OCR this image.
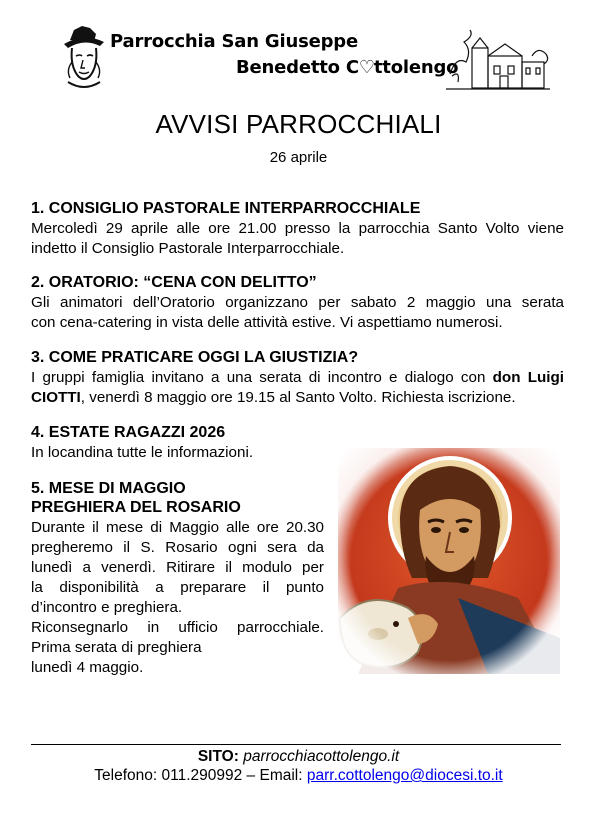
Parrocchia San Giuseppe
Benedetto C♡ttolengo
AVVISI PARROCCHIALI
26 aprile
1. CONSIGLIO PASTORALE INTERPARROCCHIALE
Mercoledì 29 aprile alle ore 21.00 presso la parrocchia Santo Volto viene
indetto il Consiglio Pastorale Interparrocchiale.
2. ORATORIO: “CENA CON DELITTO”
Gli animatori dell’Oratorio organizzano per sabato 2 maggio una serata
con cena-catering in vista delle attività estive. Vi aspettiamo numerosi.
3. COME PRATICARE OGGI LA GIUSTIZIA?
I gruppi famiglia invitano a una serata di incontro e dialogo con don Luigi
CIOTTI, venerdì 8 maggio ore 19.15 al Santo Volto. Richiesta iscrizione.
4. ESTATE RAGAZZI 2026
In locandina tutte le informazioni.
5. MESE DI MAGGIO
PREGHIERA DEL ROSARIO
Durante il mese di Maggio alle ore 20.30
pregheremo il S. Rosario ogni sera da
lunedì a venerdì. Ritirare il modulo per
la disponibilità a preparare il punto
d’incontro e preghiera.
Riconsegnarlo in ufficio parrocchiale.
Prima serata di preghiera
lunedì 4 maggio.
SITO: parrocchiacottolengo.it
Telefono: 011.290992 – Email: parr.cottolengo@diocesi.to.it
